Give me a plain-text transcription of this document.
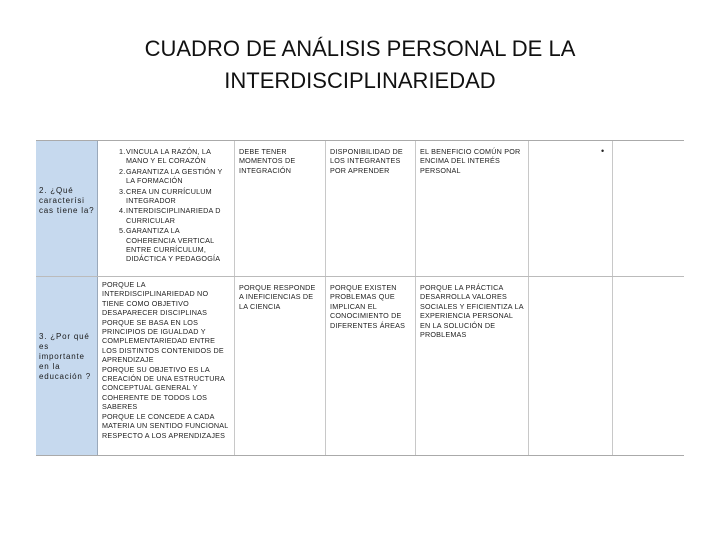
CUADRO DE ANÁLISIS PERSONAL DE LA
INTERDISCIPLINARIEDAD
2. ¿Qué caracterísi cas tiene la?
1 . VINCULA LA RAZÓN, LA MANO Y EL CORAZÓN
2 . GARANTIZA LA GESTIÓN Y LA FORMACIÓN
3 . CREA UN CURRÍCULUM INTEGRADOR
4 . INTERDISCIPLINARIEDA D CURRICULAR
5 . GARANTIZA LA COHERENCIA VERTICAL ENTRE CURRÍCULUM, DIDÁCTICA Y PEDAGOGÍA
DEBE TENER MOMENTOS DE INTEGRACIÓN
DISPONIBILIDAD DE LOS INTEGRANTES POR APRENDER
EL BENEFICIO COMÚN POR ENCIMA DEL INTERÉS PERSONAL
•
3. ¿Por qué es importante en la educación ?
PORQUE LA INTERDISCIPLINARIEDAD NO TIENE COMO OBJETIVO DESAPARECER DISCIPLINAS
PORQUE SE BASA EN LOS PRINCIPIOS DE IGUALDAD Y COMPLEMENTARIEDAD ENTRE LOS DISTINTOS CONTENIDOS DE APRENDIZAJE
PORQUE SU OBJETIVO ES LA CREACIÓN DE UNA ESTRUCTURA CONCEPTUAL GENERAL Y COHERENTE DE TODOS LOS SABERES
PORQUE LE CONCEDE A CADA MATERIA UN SENTIDO FUNCIONAL RESPECTO A LOS APRENDIZAJES
PORQUE RESPONDE A INEFICIENCIAS DE LA CIENCIA
PORQUE EXISTEN PROBLEMAS QUE IMPLICAN EL CONOCIMIENTO DE DIFERENTES ÁREAS
PORQUE LA PRÁCTICA DESARROLLA VALORES SOCIALES Y EFICIENTIZA LA EXPERIENCIA PERSONAL EN LA SOLUCIÓN DE PROBLEMAS
